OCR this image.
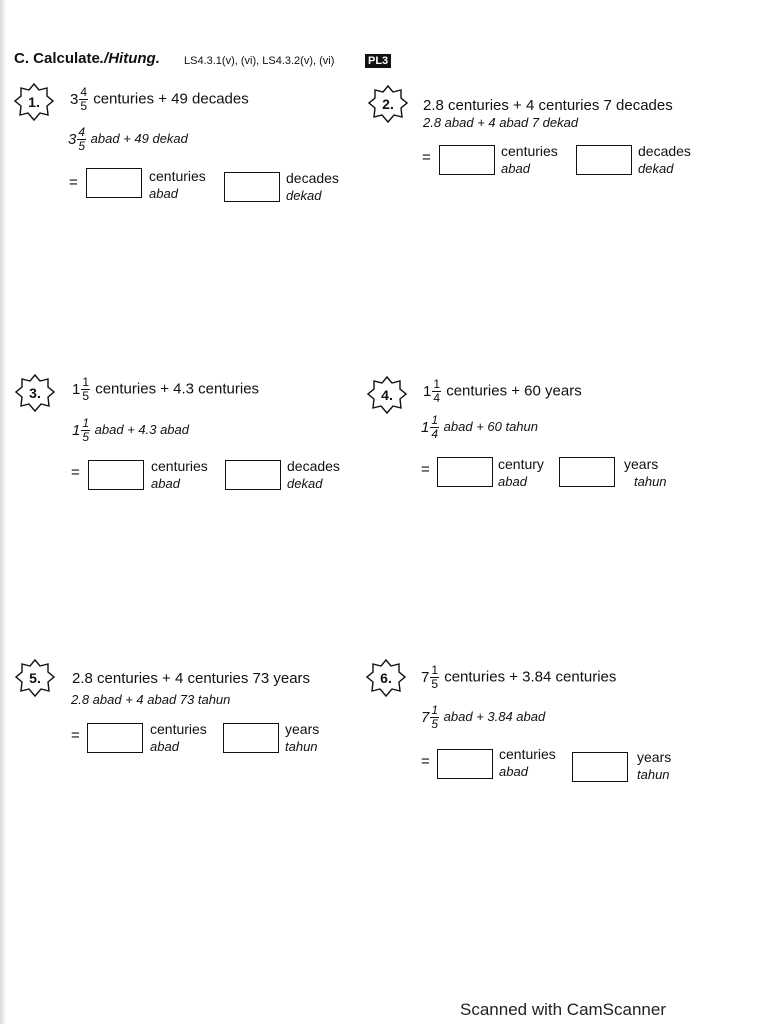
C. Calculate./Hitung. LS4.3.1(v), (vi), LS4.3.2(v), (vi)	PL3
1.	$3 \frac{4}{5}$ centuries + 49 decades
$3 \frac{4}{5}$ abad + 49 dekad
=	centuries
abad
decades
dekad
2.	2.8 centuries + 4 centuries 7 decades
2.8 abad + 4 abad 7 dekad
=	centuries
abad
decades
dekad
3.	$1 \frac{1}{5}$ centuries + 4.3 centuries
$1 \frac{1}{5}$ abad + 4.3 abad
=	centuries
abad
decades
dekad
4.	$1 \frac{1}{4}$ centuries + 60 years
$1 \frac{1}{4}$ abad + 60 tahun
=	century
abad
years
tahun
5.	2.8 centuries + 4 centuries 73 years
2.8 abad + 4 abad 73 tahun
=	centuries
abad
years
tahun
6.	$7 \frac{1}{5}$ centuries + 3.84 centuries
$7 \frac{1}{5}$ abad + 3.84 abad
=	centuries
abad
years
tahun
Scanned with CamScanner
